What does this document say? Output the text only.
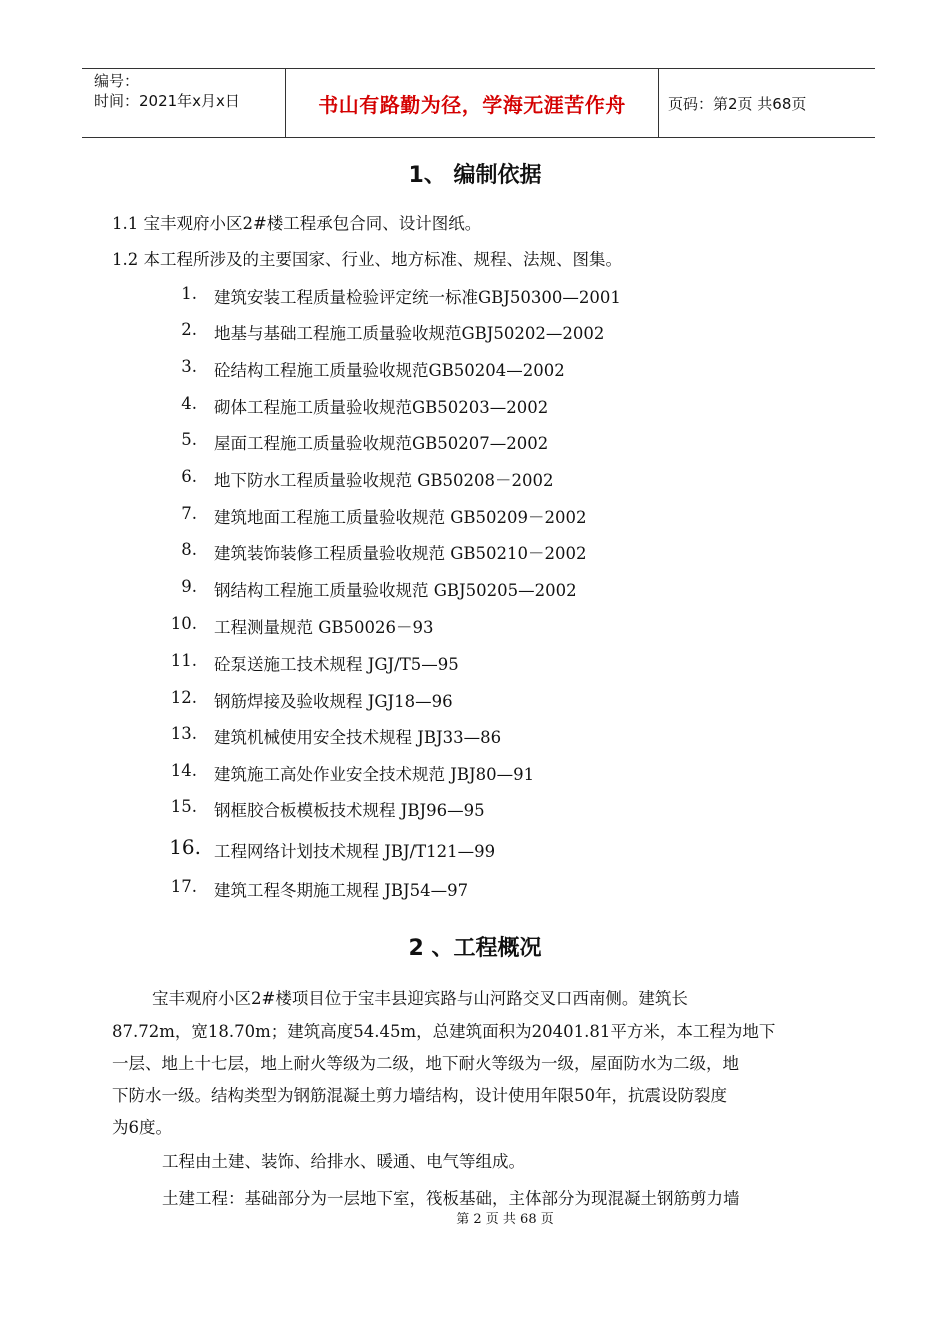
编号：
时间：2021年x月x日	书山有路勤为径，学海无涯苦作舟	页码：第2页 共68页
1、 编制依据
1.1 宝丰观府小区2#楼工程承包合同、设计图纸。
1.2 本工程所涉及的主要国家、行业、地方标准、规程、法规、图集。
1. 建筑安装工程质量检验评定统一标准GBJ50300—2001
2. 地基与基础工程施工质量验收规范GBJ50202—2002
3. 砼结构工程施工质量验收规范GB50204—2002
4. 砌体工程施工质量验收规范GB50203—2002
5. 屋面工程施工质量验收规范GB50207—2002
6. 地下防水工程质量验收规范 GB50208－2002
7. 建筑地面工程施工质量验收规范 GB50209－2002
8. 建筑装饰装修工程质量验收规范 GB50210－2002
9. 钢结构工程施工质量验收规范 GBJ50205—2002
10. 工程测量规范 GB50026－93
11. 砼泵送施工技术规程 JGJ/T5—95
12. 钢筋焊接及验收规程 JGJ18—96
13. 建筑机械使用安全技术规程 JBJ33—86
14. 建筑施工高处作业安全技术规范 JBJ80—91
15. 钢框胶合板模板技术规程 JBJ96—95
16. 工程网络计划技术规程 JBJ/T121—99
17. 建筑工程冬期施工规程 JBJ54—97
2 、工程概况
宝丰观府小区2#楼项目位于宝丰县迎宾路与山河路交叉口西南侧。建筑长
87.72m，宽18.70m；建筑高度54.45m，总建筑面积为20401.81平方米，本工程为地下
一层、地上十七层，地上耐火等级为二级，地下耐火等级为一级，屋面防水为二级，地
下防水一级。结构类型为钢筋混凝土剪力墙结构，设计使用年限50年，抗震设防裂度
为6度。
工程由土建、装饰、给排水、暖通、电气等组成。
土建工程：基础部分为一层地下室，筏板基础，主体部分为现混凝土钢筋剪力墙
第 2 页 共 68 页
